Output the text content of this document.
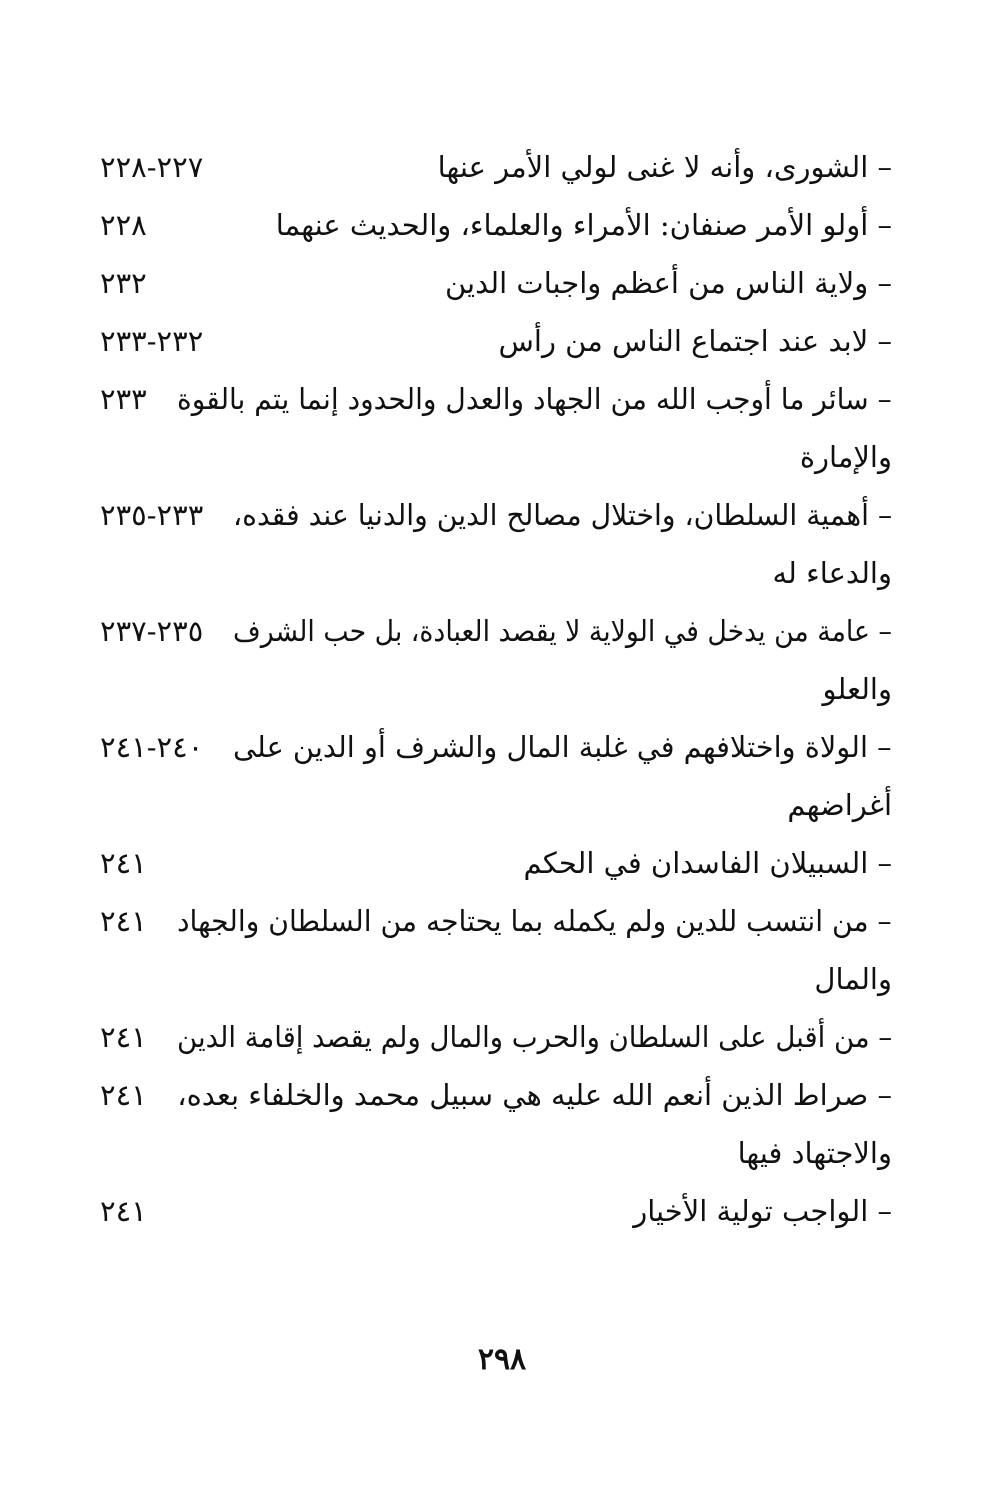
– الشورى، وأنه لا غنى لولي الأمر عنها
٢٢٧-٢٢٨
– أولو الأمر صنفان: الأمراء والعلماء، والحديث عنهما
٢٢٨
– ولاية الناس من أعظم واجبات الدين
٢٣٢
– لابد عند اجتماع الناس من رأس
٢٣٢-٢٣٣
– سائر ما أوجب الله من الجهاد والعدل والحدود إنما يتم بالقوة
٢٣٣
والإمارة
– أهمية السلطان، واختلال مصالح الدين والدنيا عند فقده،
٢٣٣-٢٣٥
والدعاء له
– عامة من يدخل في الولاية لا يقصد العبادة، بل حب الشرف
٢٣٥-٢٣٧
والعلو
– الولاة واختلافهم في غلبة المال والشرف أو الدين على
٢٤٠-٢٤١
أغراضهم
– السبيلان الفاسدان في الحكم
٢٤١
– من انتسب للدين ولم يكمله بما يحتاجه من السلطان والجهاد
٢٤١
والمال
– من أقبل على السلطان والحرب والمال ولم يقصد إقامة الدين
٢٤١
– صراط الذين أنعم الله عليه هي سبيل محمد والخلفاء بعده،
٢٤١
والاجتهاد فيها
– الواجب تولية الأخيار
٢٤١
٢٩٨
